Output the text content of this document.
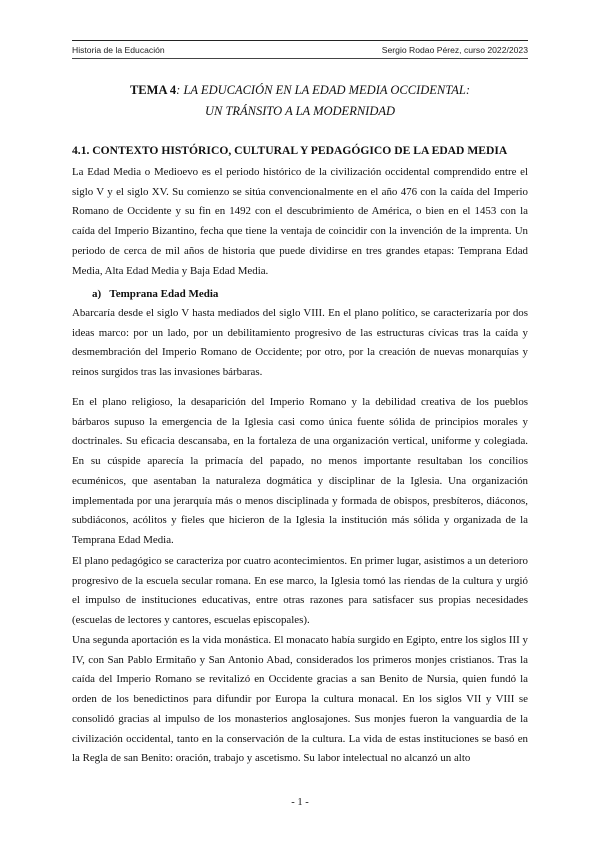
Historia de la Educación	Sergio Rodao Pérez, curso 2022/2023
TEMA 4: LA EDUCACIÓN EN LA EDAD MEDIA OCCIDENTAL:
UN TRÁNSITO A LA MODERNIDAD
4.1. CONTEXTO HISTÓRICO, CULTURAL Y PEDAGÓGICO DE LA EDAD MEDIA

La Edad Media o Medioevo es el periodo histórico de la civilización occidental comprendido entre el siglo V y el siglo XV. Su comienzo se sitúa convencionalmente en el año 476 con la caída del Imperio Romano de Occidente y su fin en 1492 con el descubrimiento de América, o bien en el 1453 con la caída del Imperio Bizantino, fecha que tiene la ventaja de coincidir con la invención de la imprenta. Un periodo de cerca de mil años de historia que puede dividirse en tres grandes etapas: Temprana Edad Media, Alta Edad Media y Baja Edad Media.

a)   Temprana Edad Media

Abarcaría desde el siglo V hasta mediados del siglo VIII. En el plano político, se caracterizaría por dos ideas marco: por un lado, por un debilitamiento progresivo de las estructuras cívicas tras la caída y desmembración del Imperio Romano de Occidente; por otro, por la creación de nuevas monarquías y reinos surgidos tras las invasiones bárbaras.

En el plano religioso, la desaparición del Imperio Romano y la debilidad creativa de los pueblos bárbaros supuso la emergencia de la Iglesia casi como única fuente sólida de principios morales y doctrinales. Su eficacia descansaba, en la fortaleza de una organización vertical, uniforme y colegiada. En su cúspide aparecía la primacía del papado, no menos importante resultaban los concilios ecuménicos, que asentaban la naturaleza dogmática y disciplinar de la Iglesia. Una organización implementada por una jerarquía más o menos disciplinada y formada de obispos, presbíteros, diáconos, subdiáconos, acólitos y fieles que hicieron de la Iglesia la institución más sólida y organizada de la Temprana Edad Media.

El plano pedagógico se caracteriza por cuatro acontecimientos. En primer lugar, asistimos a un deterioro progresivo de la escuela secular romana. En ese marco, la Iglesia tomó las riendas de la cultura y urgió el impulso de instituciones educativas, entre otras razones para satisfacer sus propias necesidades (escuelas de lectores y cantores, escuelas episcopales).

Una segunda aportación es la vida monástica. El monacato había surgido en Egipto, entre los siglos III y IV, con San Pablo Ermitaño y San Antonio Abad, considerados los primeros monjes cristianos. Tras la caída del Imperio Romano se revitalizó en Occidente gracias a san Benito de Nursia, quien fundó la orden de los benedictinos para difundir por Europa la cultura monacal. En los siglos VII y VIII se consolidó gracias al impulso de los monasterios anglosajones. Sus monjes fueron la vanguardia de la civilización occidental, tanto en la conservación de la cultura. La vida de estas instituciones se basó en la Regla de san Benito: oración, trabajo y ascetismo. Su labor intelectual no alcanzó un alto

- 1 -
